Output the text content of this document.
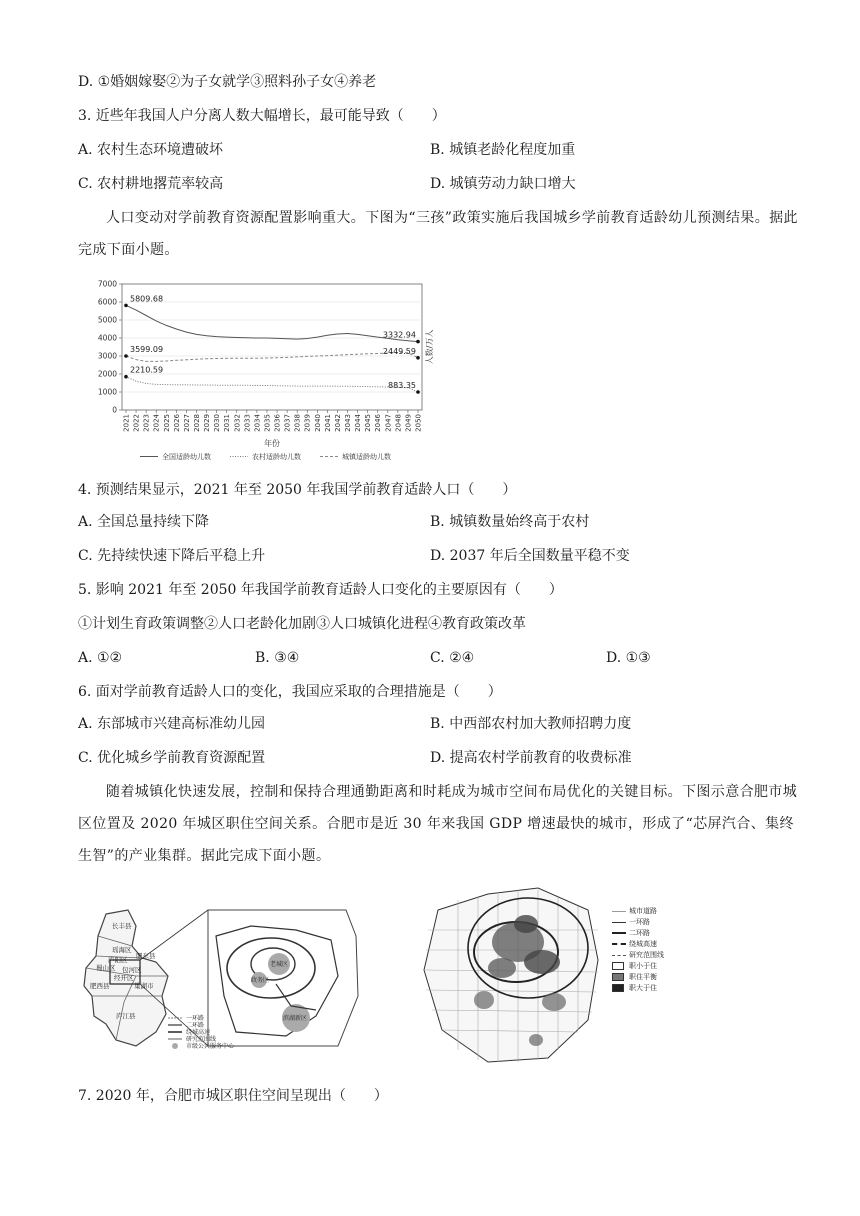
D. ①婚姻嫁娶②为子女就学③照料孙子女④养老
3. 近些年我国人户分离人数大幅增长，最可能导致（　　）
A. 农村生态环境遭破坏	B. 城镇老龄化程度加重
C. 农村耕地撂荒率较高	D. 城镇劳动力缺口增大
人口变动对学前教育资源配置影响重大。下图为“三孩”政策实施后我国城乡学前教育适龄幼儿预测结果。据此完成下面小题。
0
1000
2000
3000
4000
5000
6000
7000
2021 2022 2023 2024 2025 2026 2027 2028 2029 2030 2031 2032 2033 2034 2035 2036 2037 2038 2039 2040 2041 2042 2043 2044 2045 2046 2047 2048 2049 2050
人数/万人
年份
5809.68
3599.09
2210.59
3332.94
2449.59
883.35
全国适龄幼儿数	农村适龄幼儿数	城镇适龄幼儿数
4. 预测结果显示，2021 年至 2050 年我国学前教育适龄人口（　　）
A. 全国总量持续下降	B. 城镇数量始终高于农村
C. 先持续快速下降后平稳上升	D. 2037 年后全国数量平稳不变
5. 影响 2021 年至 2050 年我国学前教育适龄人口变化的主要原因有（　　）
①计划生育政策调整②人口老龄化加剧③人口城镇化进程④教育政策改革
A. ①②	B. ③④	C. ②④	D. ①③
6. 面对学前教育适龄人口的变化，我国应采取的合理措施是（　　）
A. 东部城市兴建高标准幼儿园	B. 中西部农村加大教师招聘力度
C. 优化城乡学前教育资源配置	D. 提高农村学前教育的收费标准
随着城镇化快速发展，控制和保持合理通勤距离和时耗成为城市空间布局优化的关键目标。下图示意合肥市城区位置及 2020 年城区职住空间关系。合肥市是近 30 年来我国 GDP 增速最快的城市，形成了“芯屏汽合、集终生智”的产业集群。据此完成下面小题。
长丰县
瑶海区
庐阳区
蜀山区
肥东县
包河区
经开区
肥西县	巢湖市
庐江县
老城区
政务区
滨湖新区
一环路
二环路
绕城高速
研究范围线
市级公共服务中心
城市道路
一环路
二环路
绕城高速
研究范围线
职小于住
职住平衡
职大于住
7. 2020 年，合肥市城区职住空间呈现出（　　）
